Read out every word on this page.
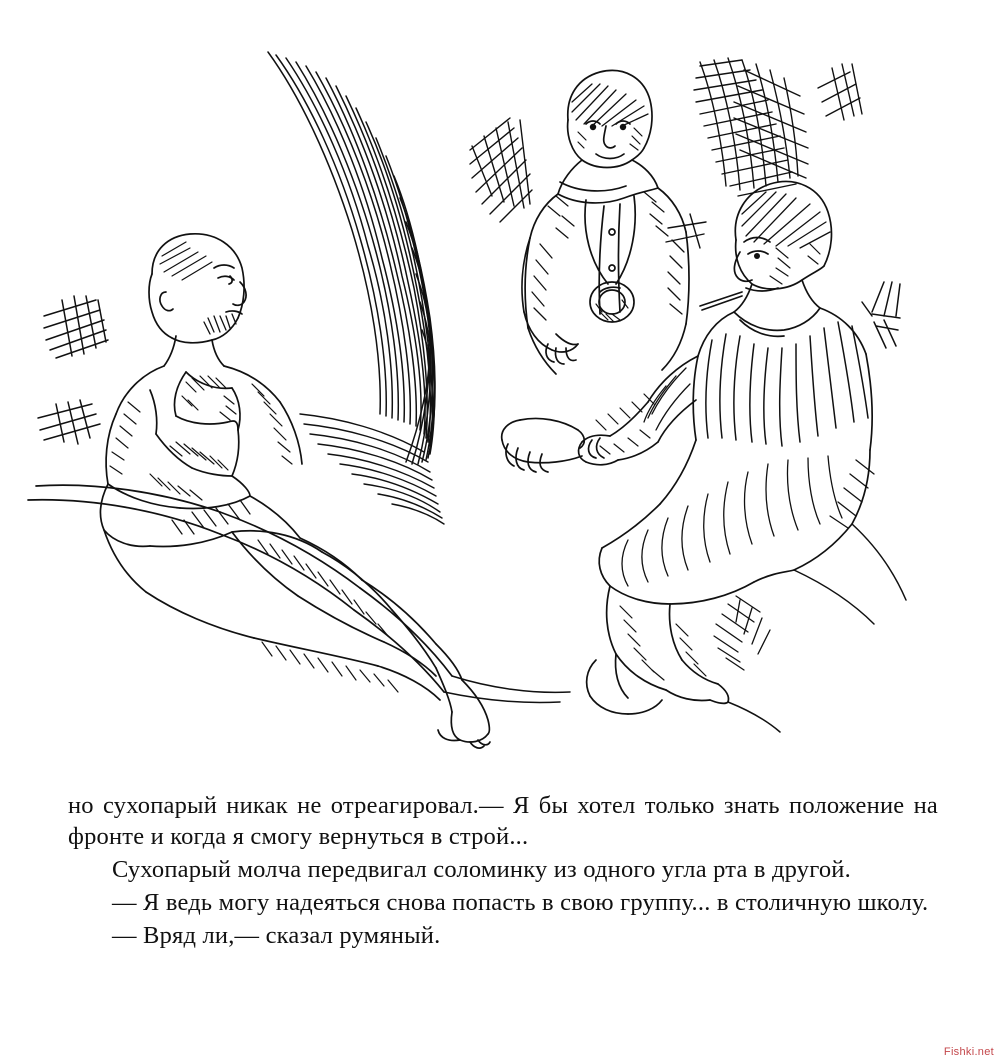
но сухопарый никак не отреагировал.— Я бы хотел только знать положение на фронте и когда я смогу вернуться в строй...

Сухопарый молча передвигал соломинку из одного угла рта в другой.

— Я ведь могу надеяться снова попасть в свою группу... в столичную школу.

— Вряд ли,— сказал румяный.

Fishki.net
